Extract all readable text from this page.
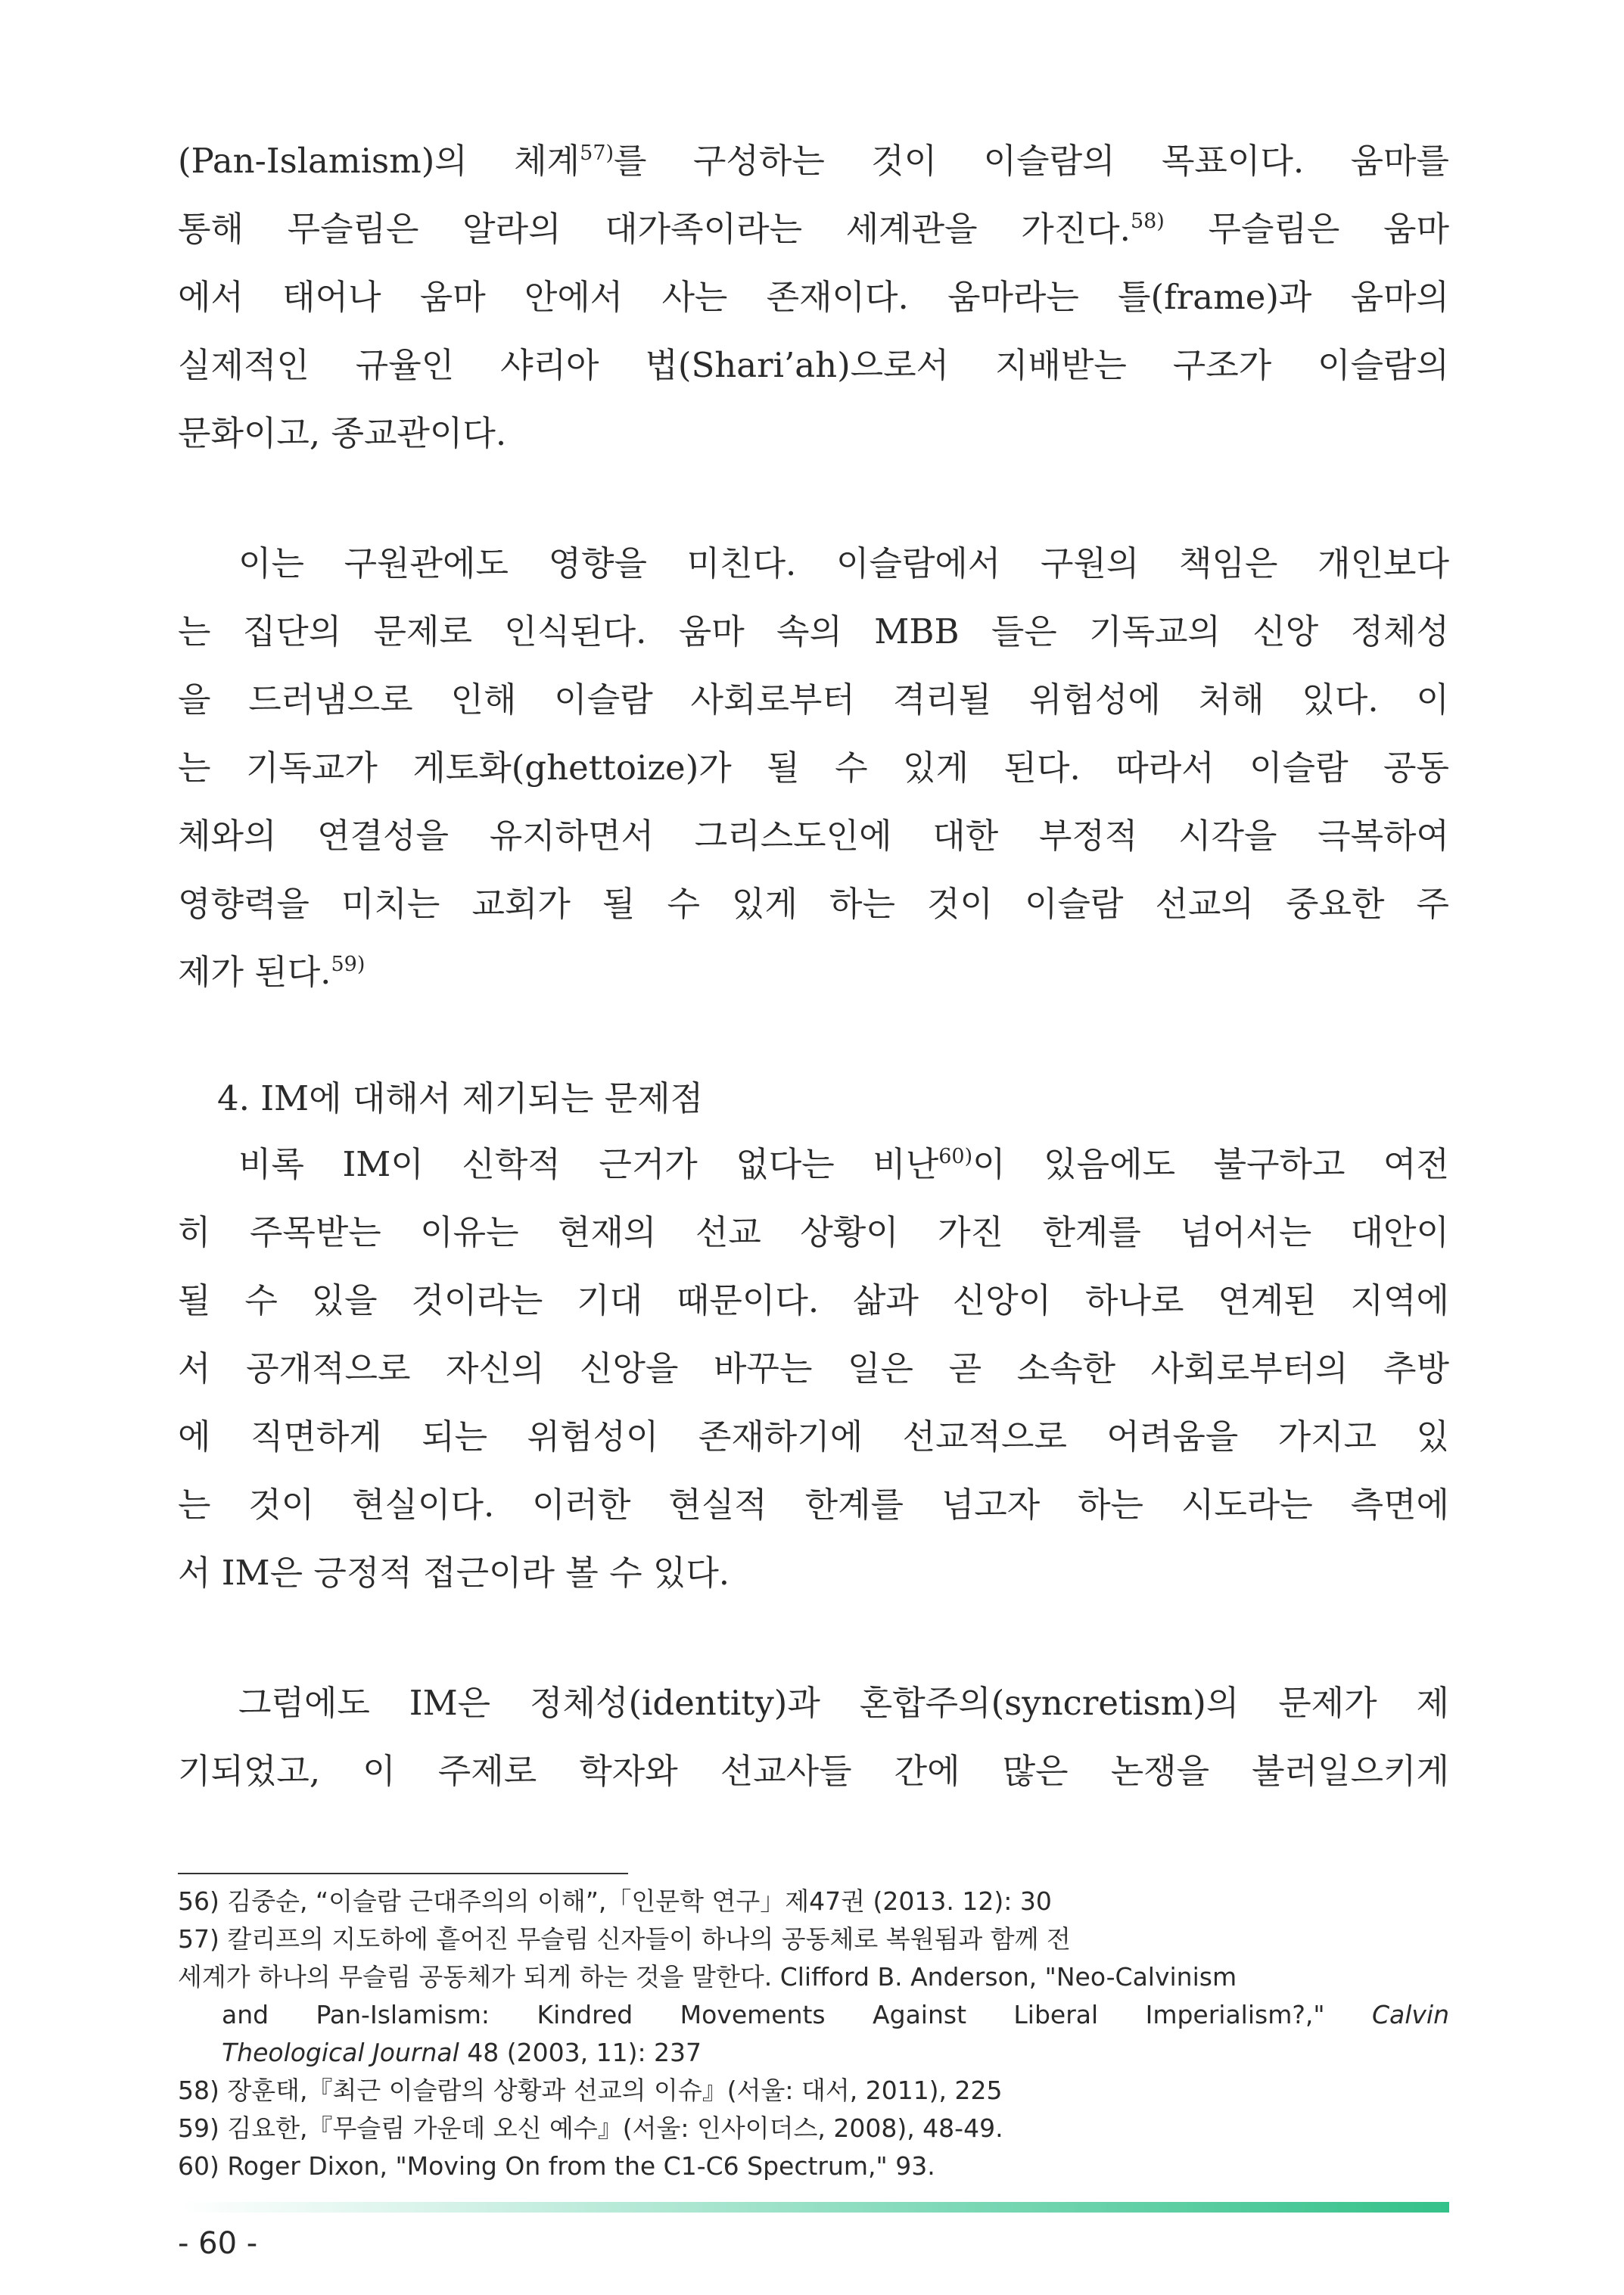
(Pan-Islamism)의 체계$^{57)}$를 구성하는 것이 이슬람의 목표이다. 움마를
통해 무슬림은 알라의 대가족이라는 세계관을 가진다.$^{58)}$ 무슬림은 움마
에서 태어나 움마 안에서 사는 존재이다. 움마라는 틀(frame)과 움마의
실제적인 규율인 샤리아 법(Shari’ah)으로서 지배받는 구조가 이슬람의
문화이고, 종교관이다.
이는 구원관에도 영향을 미친다. 이슬람에서 구원의 책임은 개인보다
는 집단의 문제로 인식된다. 움마 속의 MBB 들은 기독교의 신앙 정체성
을 드러냄으로 인해 이슬람 사회로부터 격리될 위험성에 처해 있다. 이
는 기독교가 게토화(ghettoize)가 될 수 있게 된다. 따라서 이슬람 공동
체와의 연결성을 유지하면서 그리스도인에 대한 부정적 시각을 극복하여
영향력을 미치는 교회가 될 수 있게 하는 것이 이슬람 선교의 중요한 주
제가 된다.$^{59)}$
4. IM에 대해서 제기되는 문제점
비록 IM이 신학적 근거가 없다는 비난$^{60)}$이 있음에도 불구하고 여전
히 주목받는 이유는 현재의 선교 상황이 가진 한계를 넘어서는 대안이
될 수 있을 것이라는 기대 때문이다. 삶과 신앙이 하나로 연계된 지역에
서 공개적으로 자신의 신앙을 바꾸는 일은 곧 소속한 사회로부터의 추방
에 직면하게 되는 위험성이 존재하기에 선교적으로 어려움을 가지고 있
는 것이 현실이다. 이러한 현실적 한계를 넘고자 하는 시도라는 측면에
서 IM은 긍정적 접근이라 볼 수 있다.
그럼에도 IM은 정체성(identity)과 혼합주의(syncretism)의 문제가 제
기되었고, 이 주제로 학자와 선교사들 간에 많은 논쟁을 불러일으키게
56) 김중순, “이슬람 근대주의의 이해”,「인문학 연구」제47권 (2013. 12): 30
57) 칼리프의 지도하에 흩어진 무슬림 신자들이 하나의 공동체로 복원됨과 함께 전
세계가 하나의 무슬림 공동체가 되게 하는 것을 말한다. Clifford B. Anderson, "Neo-Calvinism
and Pan-Islamism: Kindred Movements Against Liberal Imperialism?," Calvin
Theological Journal 48 (2003, 11): 237
58) 장훈태,『최근 이슬람의 상황과 선교의 이슈』(서울: 대서, 2011), 225
59) 김요한,『무슬림 가운데 오신 예수』(서울: 인사이더스, 2008), 48-49.
60) Roger Dixon, "Moving On from the C1-C6 Spectrum," 93.
- 60 -
